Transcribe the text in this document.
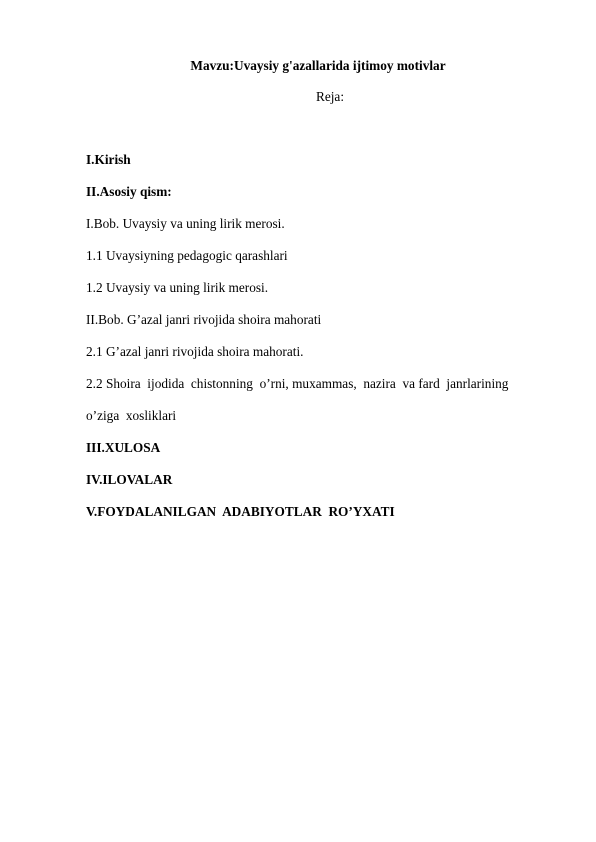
Mavzu:Uvaysiy g'azallarida ijtimoy motivlar
Reja:
I.Kirish
II.Asosiy qism:
I.Bob. Uvaysiy va uning lirik merosi.
1.1 Uvaysiyning pedagogic qarashlari
1.2 Uvaysiy va uning lirik merosi.
II.Bob. G’azal janri rivojida shoira mahorati
2.1 G’azal janri rivojida shoira mahorati.
2.2 Shoira  ijodida  chistonning  o’rni, muxammas,  nazira  va fard  janrlarining
o’ziga  xosliklari
III.XULOSA
IV.ILOVALAR
V.FOYDALANILGAN  ADABIYOTLAR  RO’YXATI
